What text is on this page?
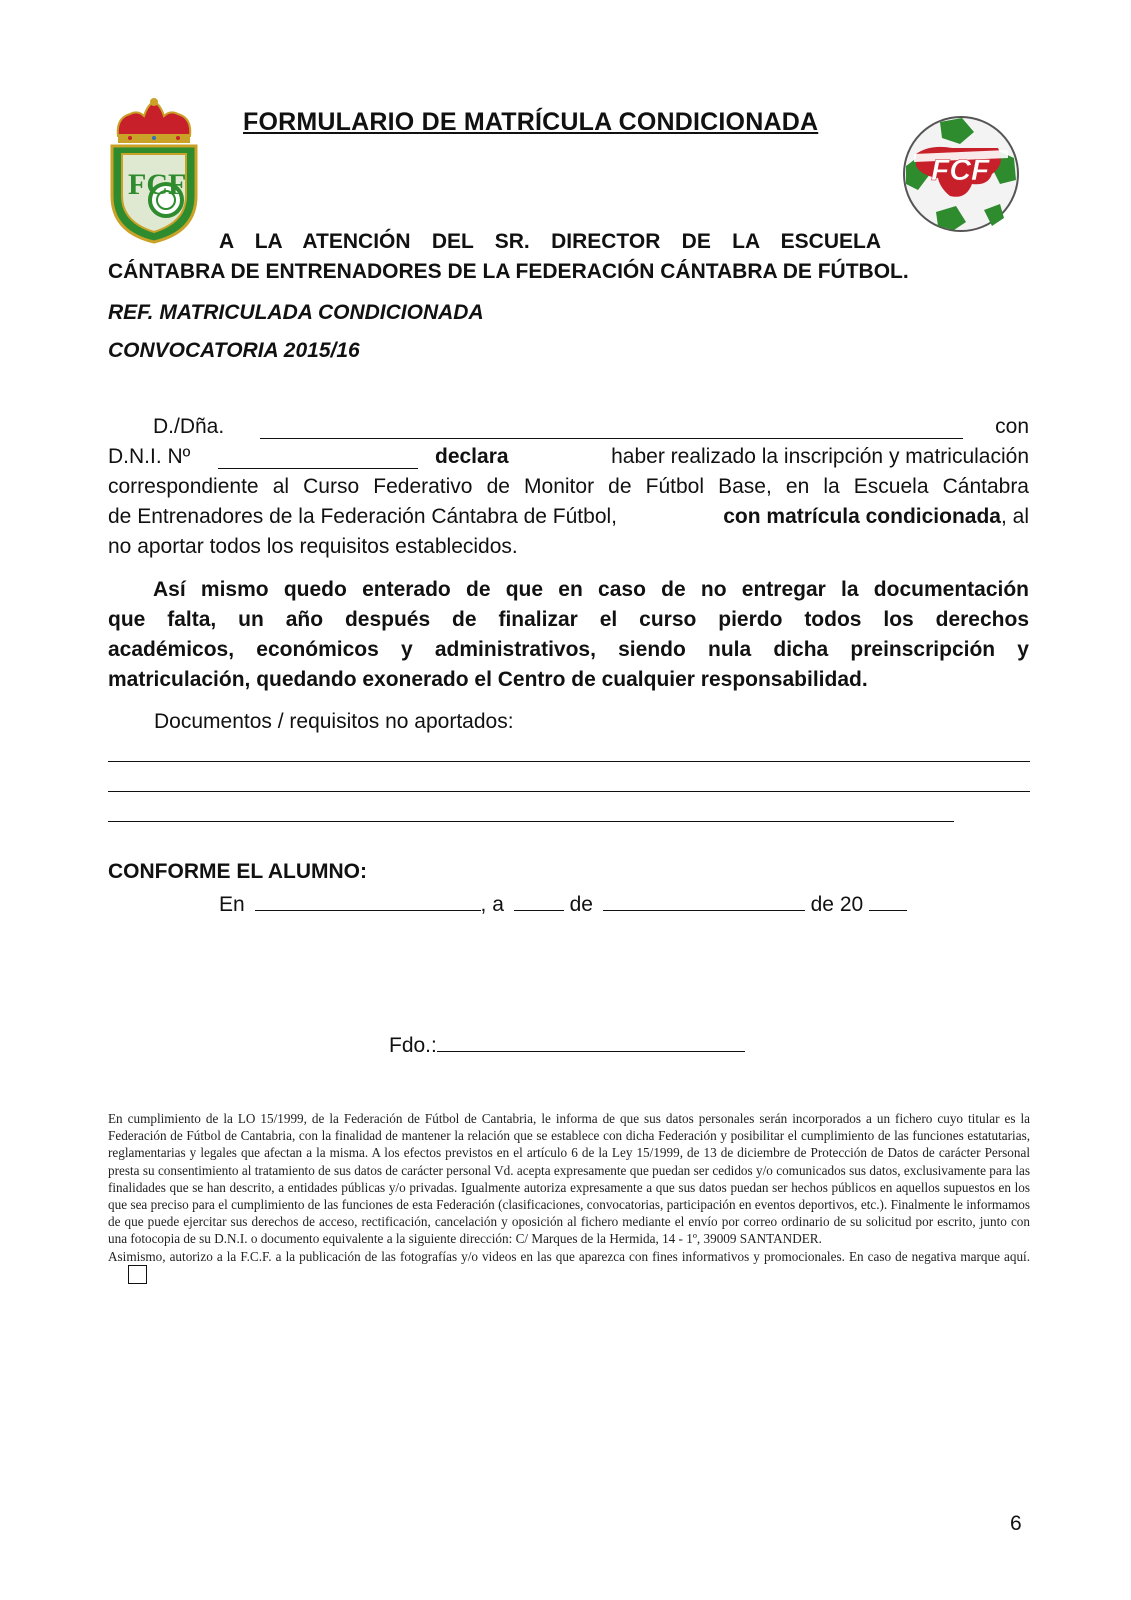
FORMULARIO DE MATRÍCULA CONDICIONADA
FCF	FCF
A LA ATENCIÓN DEL SR. DIRECTOR DE LA ESCUELA
CÁNTABRA DE ENTRENADORES DE LA FEDERACIÓN CÁNTABRA DE FÚTBOL.
REF. MATRICULADA CONDICIONADA
CONVOCATORIA 2015/16
D./Dña.	con
D.N.I. Nº	declara	haber realizado la inscripción y matriculación
correspondiente al Curso Federativo de Monitor de Fútbol Base, en la Escuela Cántabra
de Entrenadores de la Federación Cántabra de Fútbol,	con matrícula condicionada, al
no aportar todos los requisitos establecidos.
Así mismo quedo enterado de que en caso de no entregar la documentación
que falta, un año después de finalizar el curso pierdo todos los derechos
académicos, económicos y administrativos, siendo nula dicha preinscripción y
matriculación, quedando exonerado el Centro de cualquier responsabilidad.
Documentos / requisitos no aportados:
CONFORME EL ALUMNO:
En	, a	de	de 20
Fdo.:

En cumplimiento de la LO 15/1999, de la Federación de Fútbol de Cantabria, le informa de que sus datos personales serán incorporados a un fichero cuyo titular es la Federación de Fútbol de Cantabria, con la finalidad de mantener la relación que se establece con dicha Federación y posibilitar el cumplimiento de las funciones estatutarias, reglamentarias y legales que afectan a la misma. A los efectos previstos en el artículo 6 de la Ley 15/1999, de 13 de diciembre de Protección de Datos de carácter Personal presta su consentimiento al tratamiento de sus datos de carácter personal Vd. acepta expresamente que puedan ser cedidos y/o comunicados sus datos, exclusivamente para las finalidades que se han descrito, a entidades públicas y/o privadas. Igualmente autoriza expresamente a que sus datos puedan ser hechos públicos en aquellos supuestos en los que sea preciso para el cumplimiento de las funciones de esta Federación (clasificaciones, convocatorias, participación en eventos deportivos, etc.). Finalmente le informamos de que puede ejercitar sus derechos de acceso, rectificación, cancelación y oposición al fichero mediante el envío por correo ordinario de su solicitud por escrito, junto con una fotocopia de su D.N.I. o documento equivalente a la siguiente dirección: C/ Marques de la Hermida, 14 - 1º, 39009 SANTANDER.

Asimismo, autorizo a la F.C.F. a la publicación de las fotografías y/o videos en las que aparezca con fines informativos y promocionales. En caso de negativa marque aquí.

6
